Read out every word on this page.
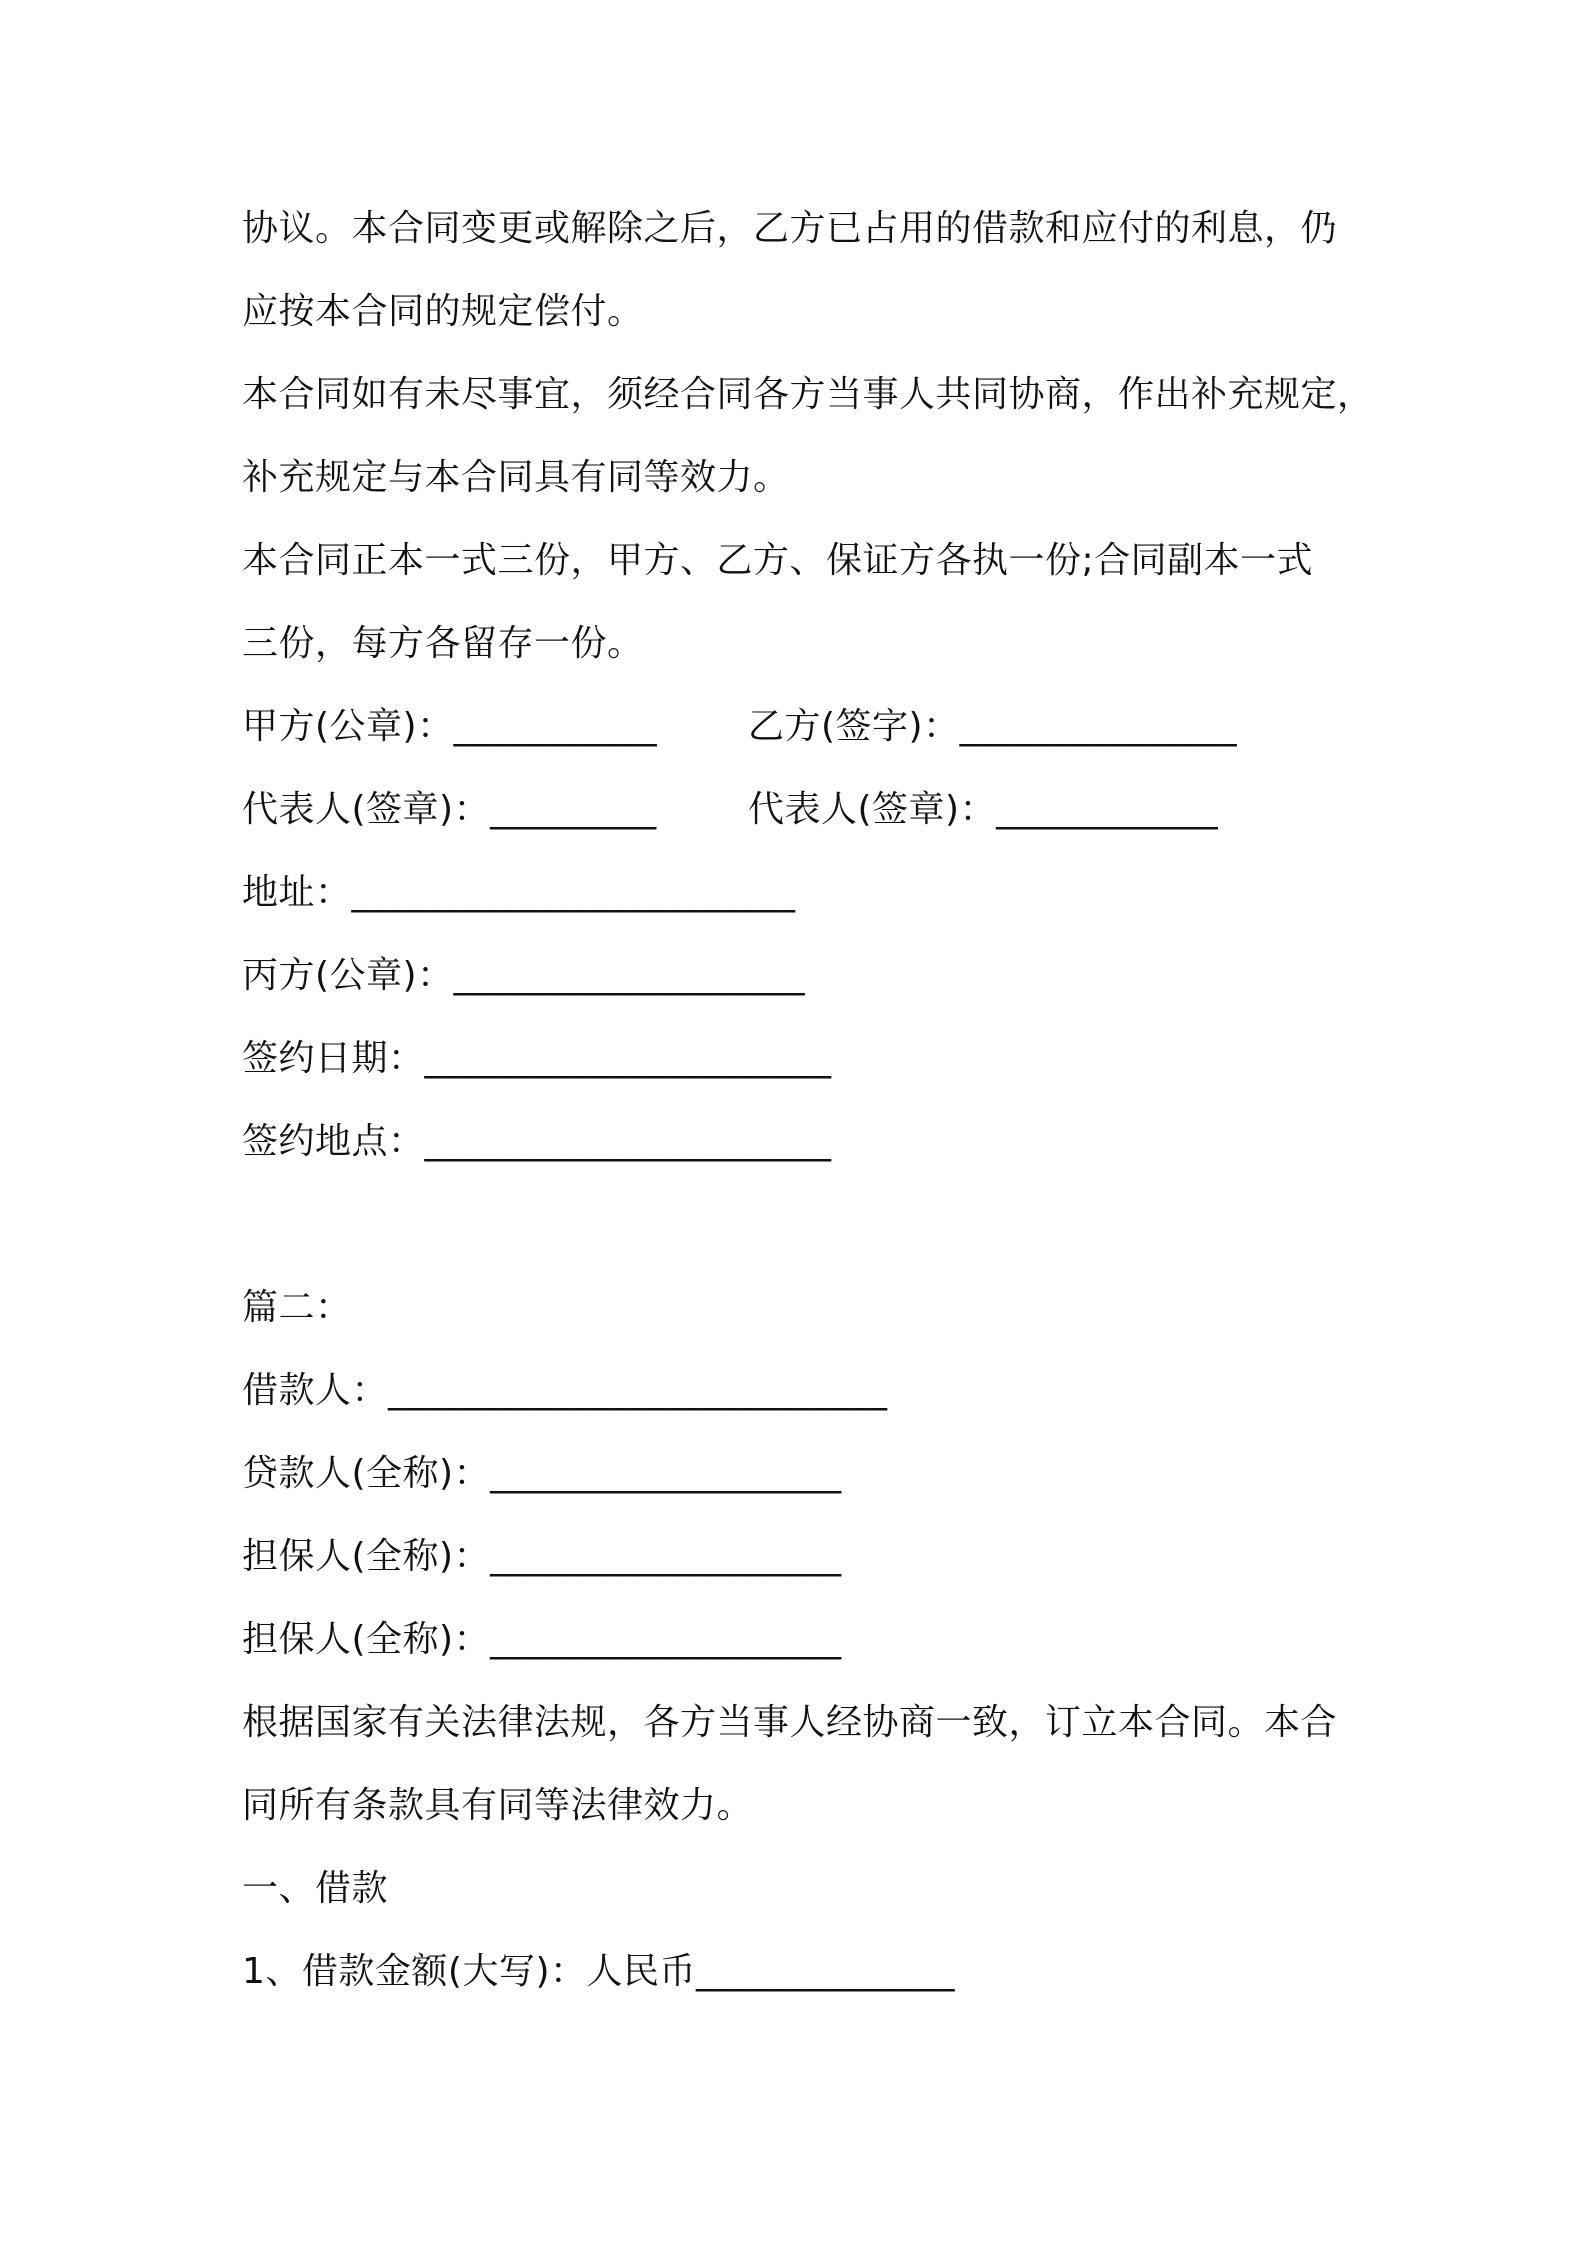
协议。本合同变更或解除之后，乙方已占用的借款和应付的利息，仍
应按本合同的规定偿付。
本合同如有未尽事宜，须经合同各方当事人共同协商，作出补充规定，
补充规定与本合同具有同等效力。
本合同正本一式三份，甲方、乙方、保证方各执一份;合同副本一式
三份，每方各留存一份。
甲方(公章)：___________	乙方(签字)：_______________
代表人(签章)：_________	代表人(签章)：____________
地址：________________________
丙方(公章)：___________________
签约日期：______________________
签约地点：______________________
篇二：
借款人：___________________________
贷款人(全称)：___________________
担保人(全称)：___________________
担保人(全称)：___________________
根据国家有关法律法规，各方当事人经协商一致，订立本合同。本合
同所有条款具有同等法律效力。
一、借款
1、借款金额(大写)：人民币______________
